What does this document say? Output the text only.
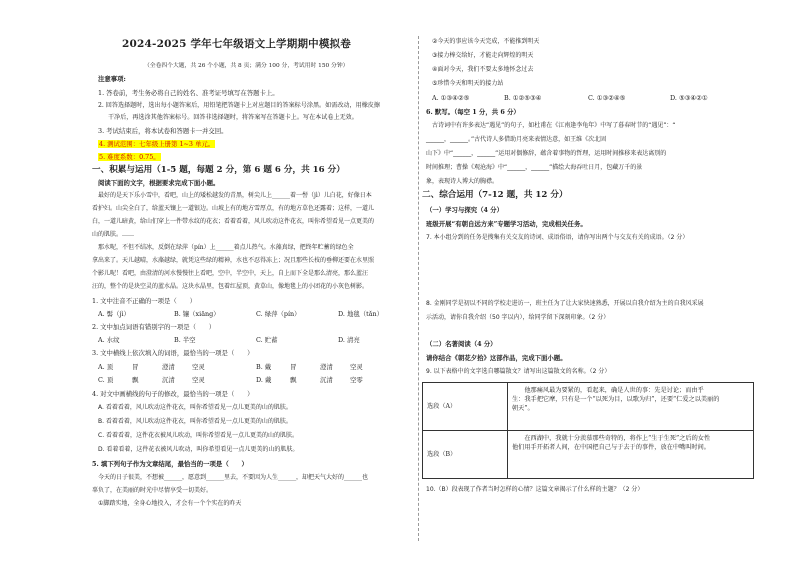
2024-2025 学年七年级语文上学期期中模拟卷
（全卷四个大题，共 26 个小题，共 8 页；满分 100 分，考试用时 150 分钟）
注意事项:
1. 答卷前，考生务必将自己的姓名、准考证号填写在答题卡上。
2. 回答选择题时，选出每小题答案后，用铅笔把答题卡上对应题目的答案标号涂黑。如需改动，用橡皮擦
干净后，再选涂其他答案标号。回答非选择题时，将答案写在答题卡上。写在本试卷上无效。
3. 考试结束后，将本试卷和答题卡一并交回。
4. 测试范围：七年级上册第 1~3 单元。
5. 难度系数：0.75。
一、积累与运用（1-5 题，每题 2 分，第 6 题 6 分，共 16 分）
阅读下面的文字，根据要求完成下面小题。
最好的是天下乐小雪中，看吧，山上的矮松越发的青黑，树尖儿上______着一髻（jì）儿白花，好像日本
看护妇。山尖全白了，给蓝天镶上一道银边。山坡上有的地方雪厚点，有的地方草色还露着；这样，一道儿
白，一道儿暗黄，给山们穿上一件带水纹的花衣；看着看着，风儿吹动这件花衣，叫你希望看见一点更美的
山的肌肤。……
那水呢，不但不结冰，反倒在绿萍（pín）上______着点儿热气。水藻真绿，把终年贮蓄的绿色全
拿出来了。天儿越晴，水藻越绿，就凭这些绿的精神，水也不忍得冻上；况且那些长枝的垂柳还要在水里照
个影儿呢！看吧，由澄清的河水慢慢往上看吧，空中，半空中，天上，自上而下全是那么清亮，那么蓝汪
汪的，整个的是块空灵的蓝水晶。这块水晶里，包着红屋顶，黄草山，像地毯上的小团花的小灰色树影。
1. 文中注音不正确的一项是（　　）
A. 髻（jì）	B. 镶（xiāng）	C. 绿萍（pín）	D. 地毯（tǎn）
2. 文中加点词语有错别字的一项是（　　）
A. 水纹	B. 半空	C. 贮蓄	D. 清亮
3. 文中横线上依次填入的词语，最恰当的一项是（　　）
A. 顶	冒	澄清	空灵	B. 戴	冒	澄清	空灵
C. 顶	飘	沉清	空灵	D. 戴	飘	沉清	空零
4. 对文中画横线的句子的修改，最恰当的一项是（　　）
A. 看着看着，风儿吹动这件花衣，叫你希望看见一点儿更美的山的肌肤。
B. 看着看着，风儿吹动这件花衣，叫你希望看见一点儿更美的山的肌肤。
C. 看着看着，这件花衣被风儿吹动，叫你希望看见一点儿更美的山的肌肤。
D. 看着看着，这件花衣被风儿吹动，叫你希望看见一点儿更美的山的肌肤。
5. 填下列句子作为文章结尾，最恰当的一项是（　　）
今天的日子很美，不想被______，愿意到______里去，不要因为人生______，却把天气大好的______也
辜负了，在美丽的时光中尽情享受一切美好。
①脚踏实地，全身心地投入，才会有一个个实在的昨天
②今天的事应该今天完成，不能推到明天
③接力棒交给好，才能走向辉煌的明天
④面对今天，我们不要太多地怀念过去
⑤珍惜今天和明天的接力站
A. ①③④②⑤	B. ①②⑤③④	C. ①③②④⑤	D. ⑤③④②①
6. 默写。（每空 1 分，共 6 分）
古诗词中有许多表达“遇见”的句子，如杜甫在《江南逢李龟年》中写了暮春时节的“遇见”：“
______，______。”古代诗人多借助月亮来表情达意，如王维《次北固
山下》中“______，______”运用对偶修辞，蕴含着事物的哲理，运用时间推移来表达离别的
时间推理；曹操《观沧海》中“______，______”描绘大海吞吐日月，包藏万千的景
象，表现诗人博大的胸襟。
二、综合运用（7-12 题，共 12 分）
（一）学习与探究（4 分）
班级开展“有朝自远方来”专题学习活动，完成相关任务。
7. 本小组分到的任务是搜集有关交友的诗词、成语俗语，请你写出两个与交友有关的成语。（2 分）
8. 金刚同学是初以不同的学校走进访一，班主任为了让大家快速熟悉，开展以自我介绍为主的自我风采展
示活动，请你自我介绍（50 字以内），给同学留下深刻印象。（2 分）
（二）名著阅读（4 分）
请你结合《朝花夕拾》这部作品，完成下面小题。
9. 以下表格中的文字选自哪篇散文？请写出这篇散文的名称。（2 分）
选段（A）	　　他那痛风最为要紧的，看起来，确是人世的事：先是讨论；而由乎
生：我手把它摩，只有是一个“以死为目，以歌为归”，还要“仁爱之以美丽的
朝天”。

选段（B）	　　在西湖中，我就十分羡慕那些奇特的，将作上“生于生死”之后的女性
他们用手开拓者人间，在中国把自己与于去于的事件，放在中嘴叫时间。
10.（B）段表现了作者当时怎样的心情？这篇文章揭示了什么样的主题？（2 分）
